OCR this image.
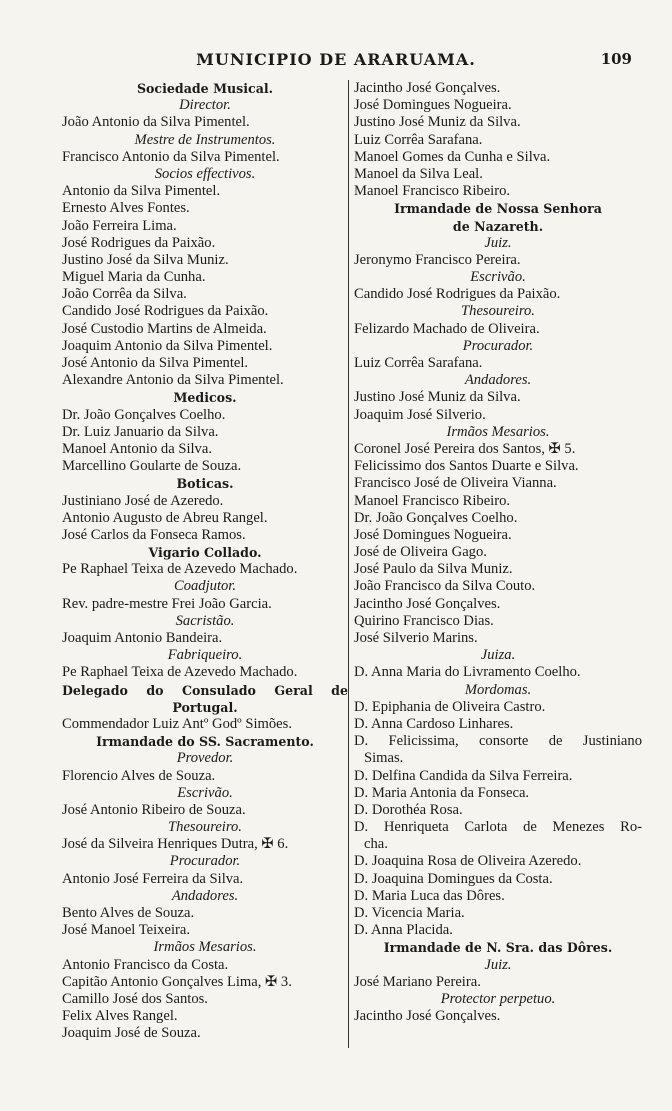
MUNICIPIO DE ARARUAMA.	109
Sociedade Musical.
Director.
João Antonio da Silva Pimentel.
Mestre de Instrumentos.
Francisco Antonio da Silva Pimentel.
Socios effectivos.
Antonio da Silva Pimentel.
Ernesto Alves Fontes.
João Ferreira Lima.
José Rodrigues da Paixão.
Justino José da Silva Muniz.
Miguel Maria da Cunha.
João Corrêa da Silva.
Candido José Rodrigues da Paixão.
José Custodio Martins de Almeida.
Joaquim Antonio da Silva Pimentel.
José Antonio da Silva Pimentel.
Alexandre Antonio da Silva Pimentel.
Medicos.
Dr. João Gonçalves Coelho.
Dr. Luiz Januario da Silva.
Manoel Antonio da Silva.
Marcellino Goularte de Souza.
Boticas.
Justiniano José de Azeredo.
Antonio Augusto de Abreu Rangel.
José Carlos da Fonseca Ramos.
Vigario Collado.
Pe Raphael Teixa de Azevedo Machado.
Coadjutor.
Rev. padre-mestre Frei João Garcia.
Sacristão.
Joaquim Antonio Bandeira.
Fabriqueiro.
Pe Raphael Teixa de Azevedo Machado.
Delegado do Consulado Geral de
Portugal.
Commendador Luiz Antº Godº Simões.
Irmandade do SS. Sacramento.
Provedor.
Florencio Alves de Souza.
Escrivão.
José Antonio Ribeiro de Souza.
Thesoureiro.
José da Silveira Henriques Dutra, ✠ 6.
Procurador.
Antonio José Ferreira da Silva.
Andadores.
Bento Alves de Souza.
José Manoel Teixeira.
Irmãos Mesarios.
Antonio Francisco da Costa.
Capitão Antonio Gonçalves Lima, ✠ 3.
Camillo José dos Santos.
Felix Alves Rangel.
Joaquim José de Souza.
Jacintho José Gonçalves.
José Domingues Nogueira.
Justino José Muniz da Silva.
Luiz Corrêa Sarafana.
Manoel Gomes da Cunha e Silva.
Manoel da Silva Leal.
Manoel Francisco Ribeiro.
Irmandade de Nossa Senhora
de Nazareth.
Juiz.
Jeronymo Francisco Pereira.
Escrivão.
Candido José Rodrigues da Paixão.
Thesoureiro.
Felizardo Machado de Oliveira.
Procurador.
Luiz Corrêa Sarafana.
Andadores.
Justino José Muniz da Silva.
Joaquim José Silverio.
Irmãos Mesarios.
Coronel José Pereira dos Santos, ✠ 5.
Felicissimo dos Santos Duarte e Silva.
Francisco José de Oliveira Vianna.
Manoel Francisco Ribeiro.
Dr. João Gonçalves Coelho.
José Domingues Nogueira.
José de Oliveira Gago.
José Paulo da Silva Muniz.
João Francisco da Silva Couto.
Jacintho José Gonçalves.
Quirino Francisco Dias.
José Silverio Marins.
Juiza.
D. Anna Maria do Livramento Coelho.
Mordomas.
D. Epiphania de Oliveira Castro.
D. Anna Cardoso Linhares.
D. Felicissima, consorte de Justiniano
Simas.
D. Delfina Candida da Silva Ferreira.
D. Maria Antonia da Fonseca.
D. Dorothéa Rosa.
D. Henriqueta Carlota de Menezes Ro-
cha.
D. Joaquina Rosa de Oliveira Azeredo.
D. Joaquina Domingues da Costa.
D. Maria Luca das Dôres.
D. Vicencia Maria.
D. Anna Placida.
Irmandade de N. Sra. das Dôres.
Juiz.
José Mariano Pereira.
Protector perpetuo.
Jacintho José Gonçalves.
